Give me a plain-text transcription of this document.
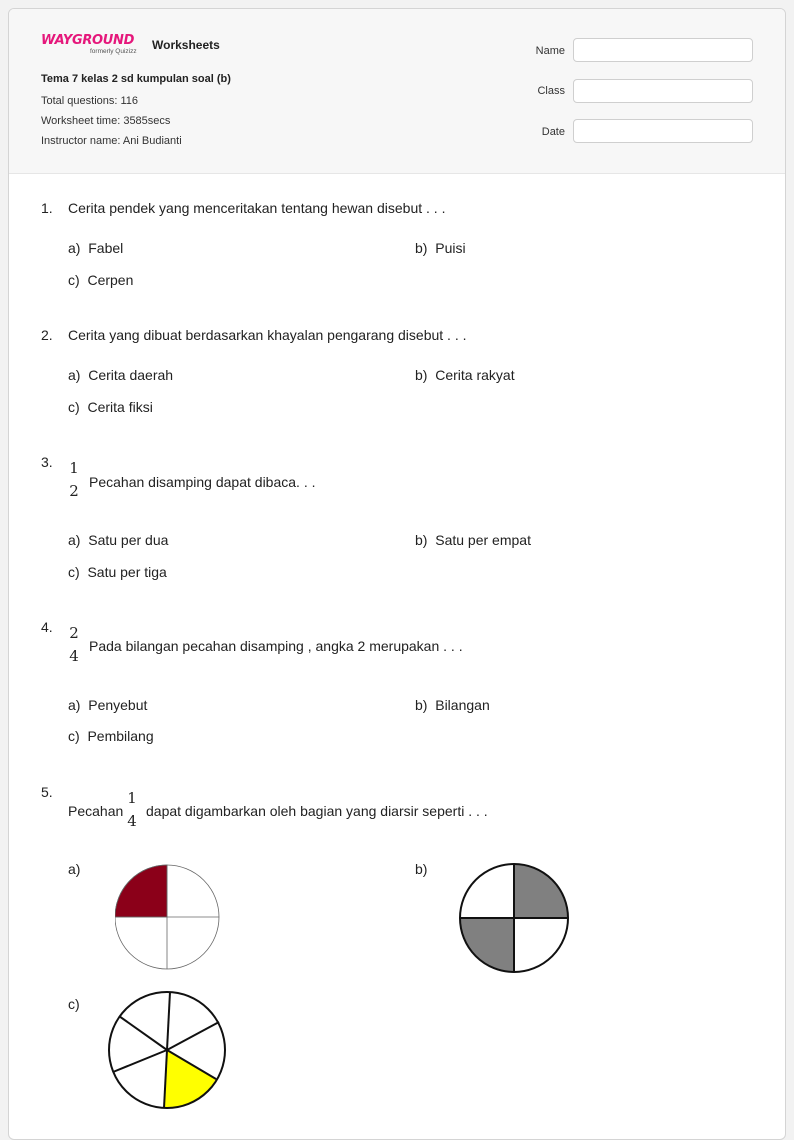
WAYGROUND
formerly Quizizz Worksheets
Tema 7 kelas 2 sd kumpulan soal (b)
Total questions: 116
Worksheet time: 3585secs
Instructor name: Ani Budianti
Name
Class
Date
1. Cerita pendek yang menceritakan tentang hewan disebut . . .
a) Fabel	b) Puisi
c) Cerpen
2. Cerita yang dibuat berdasarkan khayalan pengarang disebut . . .
a) Cerita daerah	b) Cerita rakyat
c) Cerita fiksi
3. 1
2 Pecahan disamping dapat dibaca. . .
a) Satu per dua	b) Satu per empat
c) Satu per tiga
4. 2
4
Pada bilangan pecahan disamping , angka 2 merupakan . . .
a) Penyebut	b) Bilangan
c) Pembilang
5.
Pecahan
1
4
dapat digambarkan oleh bagian yang diarsir seperti . . .
a)	b)
c)
